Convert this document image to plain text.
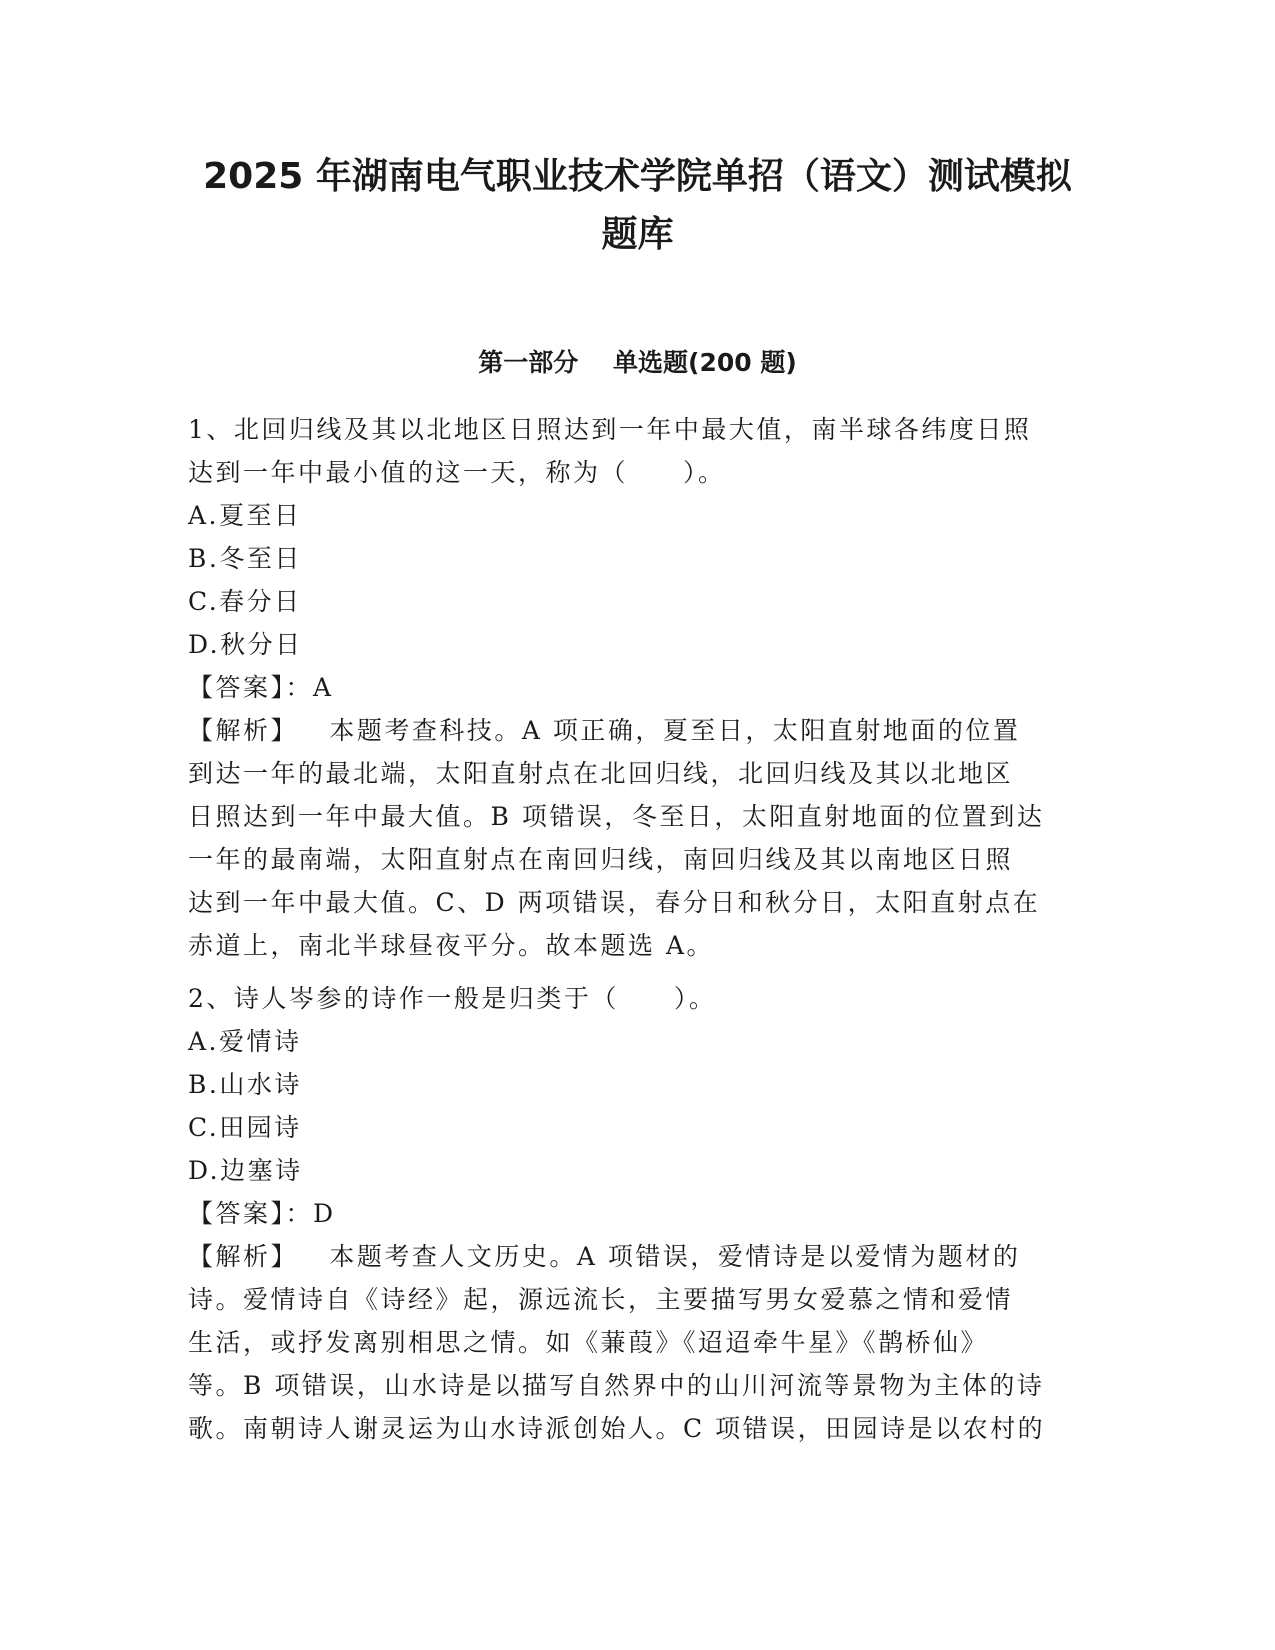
2025 年湖南电气职业技术学院单招（语文）测试模拟
题库
第一部分    单选题(200 题)
1、北回归线及其以北地区日照达到一年中最大值，南半球各纬度日照
达到一年中最小值的这一天，称为（　　）。
A.夏至日
B.冬至日
C.春分日
D.秋分日
【答案】：A
【解析】   本题考查科技。A 项正确，夏至日，太阳直射地面的位置
到达一年的最北端，太阳直射点在北回归线，北回归线及其以北地区
日照达到一年中最大值。B 项错误，冬至日，太阳直射地面的位置到达
一年的最南端，太阳直射点在南回归线，南回归线及其以南地区日照
达到一年中最大值。C、D 两项错误，春分日和秋分日，太阳直射点在
赤道上，南北半球昼夜平分。故本题选 A。
2、诗人岑参的诗作一般是归类于（　　）。
A.爱情诗
B.山水诗
C.田园诗
D.边塞诗
【答案】：D
【解析】   本题考查人文历史。A 项错误，爱情诗是以爱情为题材的
诗。爱情诗自《诗经》起，源远流长，主要描写男女爱慕之情和爱情
生活，或抒发离别相思之情。如《蒹葭》《迢迢牵牛星》《鹊桥仙》
等。B 项错误，山水诗是以描写自然界中的山川河流等景物为主体的诗
歌。南朝诗人谢灵运为山水诗派创始人。C 项错误，田园诗是以农村的
